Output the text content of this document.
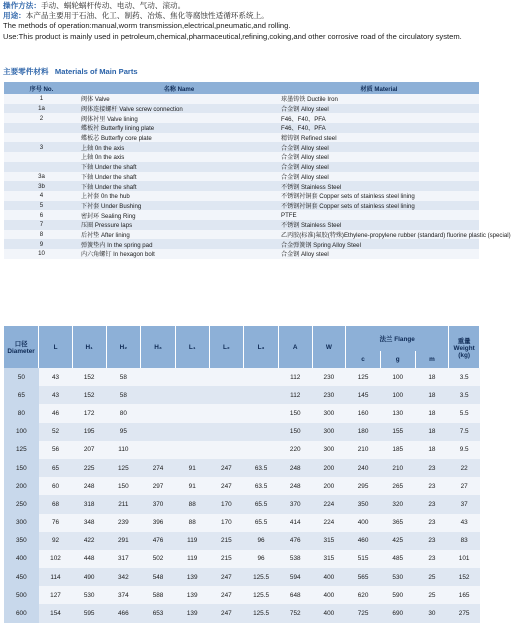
操作方法：手动、蜗轮蜗杆传动、电动、气动、滚动。
用途：本产品主要用于石油、化工、制药、冶炼、焦化等腐蚀性适循环系统上。
The methods of operation:manual,worm transmission,electrical,pneumatic,and rolling.
Use:This product is mainly used in petroleum,chemical,pharmaceutical,refining,coking,and other corrosive road of the circulatory system.
主要零件材料 Materials of Main Parts
序号 No.	名称 Name	材质 Material
1	阀体 Valve	球墨铸铁 Ductile Iron
1a	阀体连接螺杆 Valve screw connection	合金钢 Alloy steel
2	阀体衬里 Valve lining	F46、F40、PFA
	蝶板衬 Butterfly lining plate	F46、F40、PFA
	蝶板芯 Butterfly core plate	精铸钢 Refined steel
3	上轴 0n the axis	合金钢 Alloy steel
	上轴 0n the axis	合金钢 Alloy steel
	下轴 Under the shaft	合金钢 Alloy steel
3a	下轴 Under the shaft	合金钢 Alloy steel
3b	下轴 Under the shaft	不锈钢 Stainless Steel
4	上衬套 0n the hub	不锈钢衬铜套 Copper sets of stainless steel lining
5	下衬套 Under Bushing	不锈钢衬铜套 Copper sets of stainless steel lining
6	密封环 Sealing Ring	PTFE
7	压圈 Pressure laps	不锈钢 Stainless Steel
8	后衬垫 After lining	乙丙胶(标准)氟胶(特殊)Ethylene-propylene rubber (standard) fluorine plastic (special)
9	弹簧垫内 In the spring pad	合金弹簧钢 Spring Alloy Steel
10	内六角螺钉 In hexagon bolt	合金钢 Alloy steel
口径 Diameter	L	H₁	H₂	H₃	L₁	L₂	L₃	A	W	法兰 Flange			重量 Weight (kg)
										c	g	m	
50	43	152	58					112	230	125	100	18	3.5
65	43	152	58					112	230	145	100	18	3.5
80	46	172	80					150	300	160	130	18	5.5
100	52	195	95					150	300	180	155	18	7.5
125	56	207	110					220	300	210	185	18	9.5
150	65	225	125	274	91	247	63.5	248	200	240	210	23	22
200	60	248	150	297	91	247	63.5	248	200	295	265	23	27
250	68	318	211	370	88	170	65.5	370	224	350	320	23	37
300	76	348	239	396	88	170	65.5	414	224	400	365	23	43
350	92	422	291	476	119	215	96	476	315	460	425	23	83
400	102	448	317	502	119	215	96	538	315	515	485	23	101
450	114	490	342	548	139	247	125.5	594	400	565	530	25	152
500	127	530	374	588	139	247	125.5	648	400	620	590	25	165
600	154	595	466	653	139	247	125.5	752	400	725	690	30	275
